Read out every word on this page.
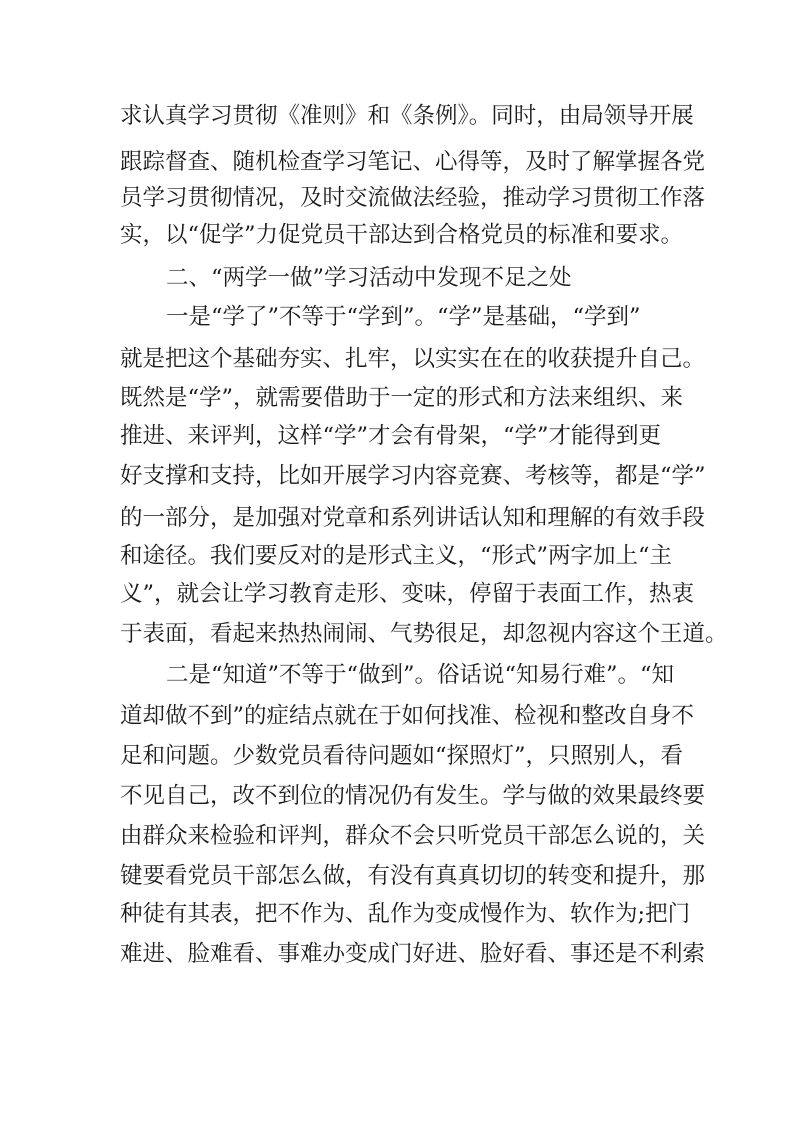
求认真学习贯彻《准则》和《条例》。同时，由局领导开展
跟踪督查、随机检查学习笔记、心得等，及时了解掌握各党
员学习贯彻情况，及时交流做法经验，推动学习贯彻工作落
实，以“促学”力促党员干部达到合格党员的标准和要求。
二、“两学一做”学习活动中发现不足之处
一是“学了”不等于“学到”。“学”是基础，“学到”
就是把这个基础夯实、扎牢，以实实在在的收获提升自己。
既然是“学”，就需要借助于一定的形式和方法来组织、来
推进、来评判，这样“学”才会有骨架，“学”才能得到更
好支撑和支持，比如开展学习内容竞赛、考核等，都是“学”
的一部分，是加强对党章和系列讲话认知和理解的有效手段
和途径。我们要反对的是形式主义，“形式”两字加上“主
义”，就会让学习教育走形、变味，停留于表面工作，热衷
于表面，看起来热热闹闹、气势很足，却忽视内容这个王道。
二是“知道”不等于“做到”。俗话说“知易行难”。“知
道却做不到”的症结点就在于如何找准、检视和整改自身不
足和问题。少数党员看待问题如“探照灯”，只照别人，看
不见自己，改不到位的情况仍有发生。学与做的效果最终要
由群众来检验和评判，群众不会只听党员干部怎么说的，关
键要看党员干部怎么做，有没有真真切切的转变和提升，那
种徒有其表，把不作为、乱作为变成慢作为、软作为;把门
难进、脸难看、事难办变成门好进、脸好看、事还是不利索
